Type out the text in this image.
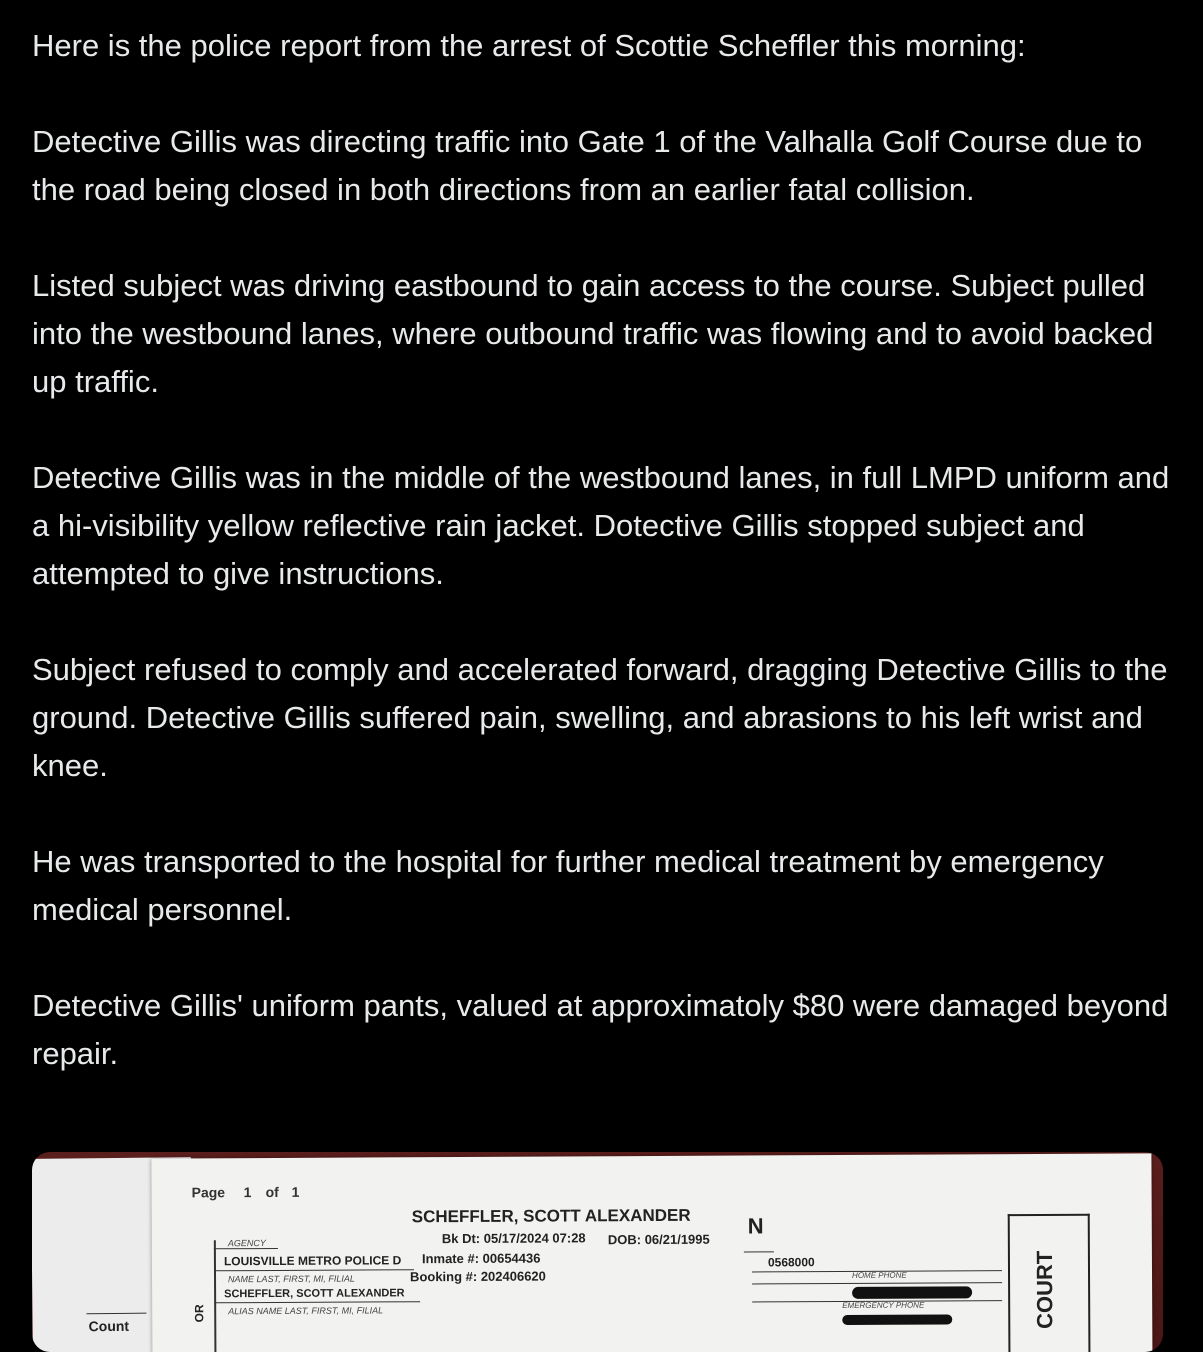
Here is the police report from the arrest of Scottie Scheffler this morning:

Detective Gillis was directing traffic into Gate 1 of the Valhalla Golf Course due to the road being closed in both directions from an earlier fatal collision.

Listed subject was driving eastbound to gain access to the course. Subject pulled into the westbound lanes, where outbound traffic was flowing and to avoid backed up traffic.

Detective Gillis was in the middle of the westbound lanes, in full LMPD uniform and a hi-visibility yellow reflective rain jacket. Dotective Gillis stopped subject and attempted to give instructions.

Subject refused to comply and accelerated forward, dragging Detective Gillis to the ground. Detective Gillis suffered pain, swelling, and abrasions to his left wrist and knee.

He was transported to the hospital for further medical treatment by emergency medical personnel.

Detective Gillis' uniform pants, valued at approximatoly $80 were damaged beyond repair.

Count
Page 1 of 1
SCHEFFLER, SCOTT ALEXANDER
Bk Dt: 05/17/2024 07:28 DOB: 06/21/1995
Inmate #: 00654436
Booking #: 202406620
OR
AGENCY
LOUISVILLE METRO POLICE D
NAME LAST, FIRST, MI, FILIAL
SCHEFFLER, SCOTT ALEXANDER
ALIAS NAME LAST, FIRST, MI, FILIAL
N
0568000
HOME PHONE
EMERGENCY PHONE	COURT
